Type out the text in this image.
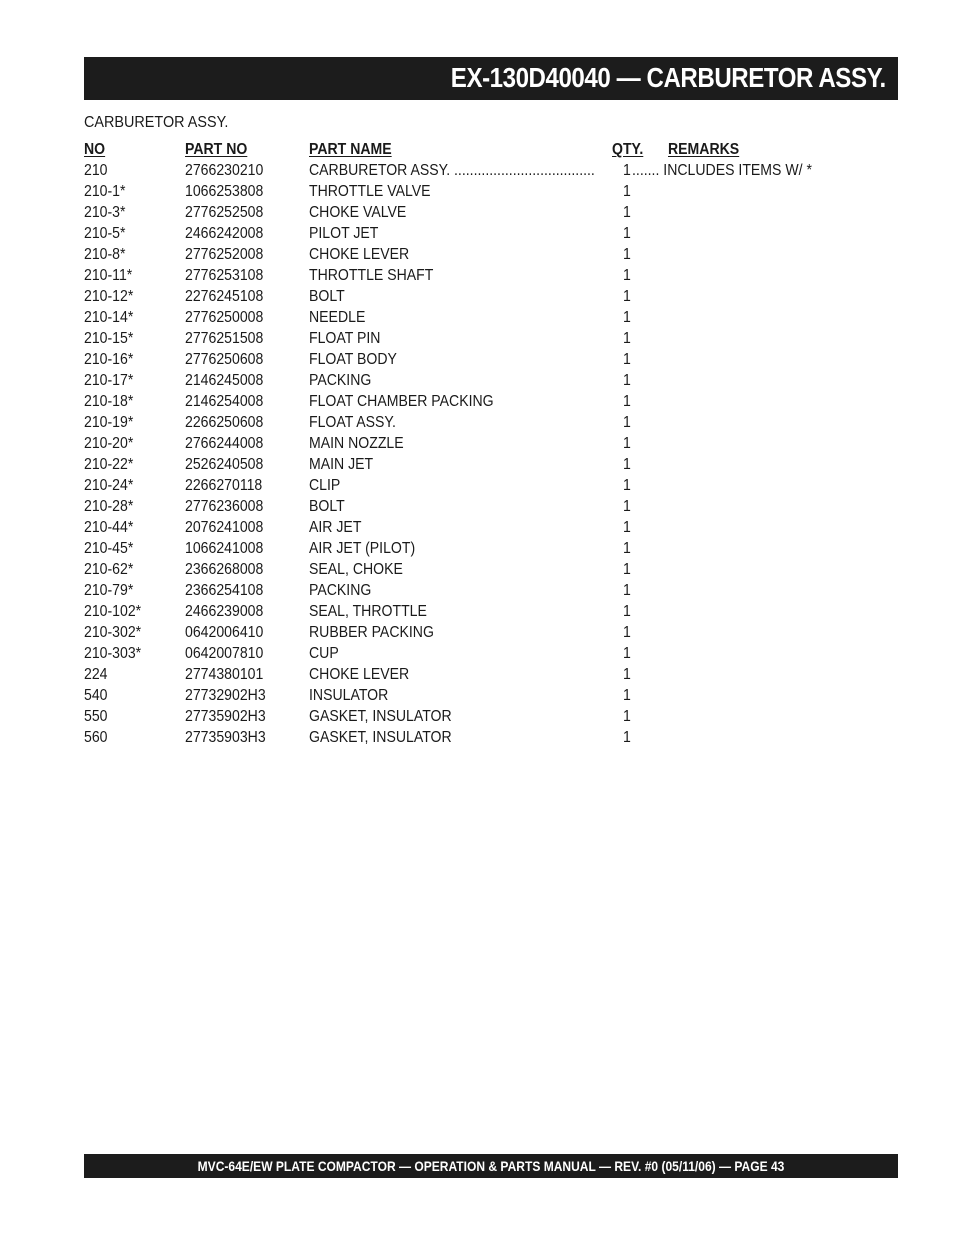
EX-130D40040 — CARBURETOR ASSY.
CARBURETOR ASSY.
NO	PART NO	PART NAME	QTY. REMARKS
210	2766230210	CARBURETOR ASSY. .................................... 1 ....... INCLUDES ITEMS W/ *
210-1*	1066253808	THROTTLE VALVE	1
210-3*	2776252508	CHOKE VALVE	1
210-5*	2466242008	PILOT JET	1
210-8*	2776252008	CHOKE LEVER	1
210-11*	2776253108	THROTTLE SHAFT	1
210-12*	2276245108	BOLT	1
210-14*	2776250008	NEEDLE	1
210-15*	2776251508	FLOAT PIN	1
210-16*	2776250608	FLOAT BODY	1
210-17*	2146245008	PACKING	1
210-18*	2146254008	FLOAT CHAMBER PACKING	1
210-19*	2266250608	FLOAT ASSY.	1
210-20*	2766244008	MAIN NOZZLE	1
210-22*	2526240508	MAIN JET	1
210-24*	2266270118	CLIP	1
210-28*	2776236008	BOLT	1
210-44*	2076241008	AIR JET	1
210-45*	1066241008	AIR JET (PILOT)	1
210-62*	2366268008	SEAL, CHOKE	1
210-79*	2366254108	PACKING	1
210-102*	2466239008	SEAL, THROTTLE	1
210-302*	0642006410	RUBBER PACKING	1
210-303*	0642007810	CUP	1
224	2774380101	CHOKE LEVER	1
540	27732902H3	INSULATOR	1
550	27735902H3	GASKET, INSULATOR	1
560	27735903H3	GASKET, INSULATOR	1
MVC-64E/EW PLATE COMPACTOR — OPERATION & PARTS MANUAL — REV. #0 (05/11/06) — PAGE 43
